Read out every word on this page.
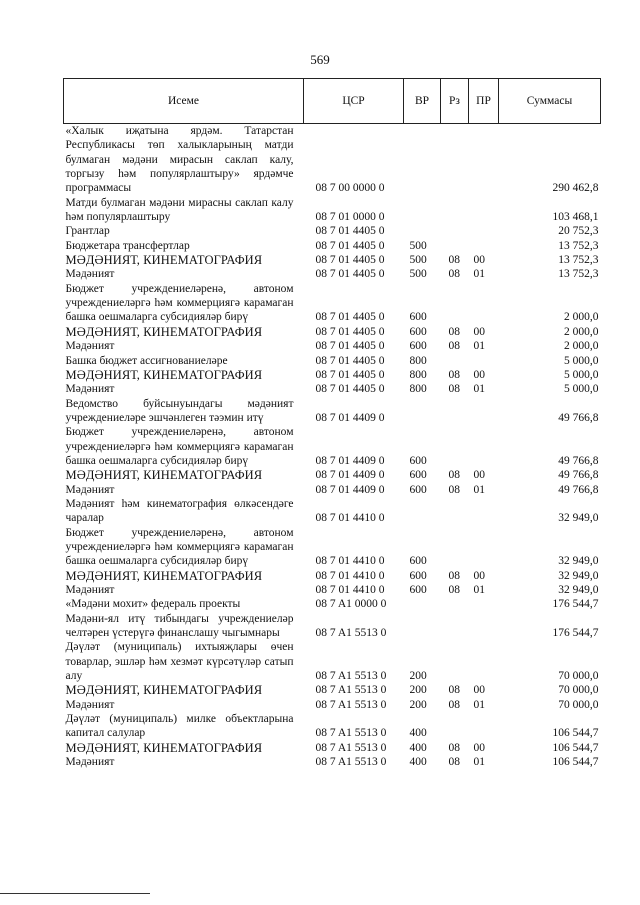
569
Исеме	ЦСР	ВР	Рз	ПР	Суммасы
«Халык иҗатына ярдәм. Татарстан Республикасы төп халыкларының матди булмаган мәдәни мирасын саклап калу, торгызу һәм популярлаштыру» ярдәмче программасы	08 7 00 0000 0				290 462,8
Матди булмаган мәдәни мирасны саклап калу һәм популярлаштыру	08 7 01 0000 0				103 468,1
Грантлар	08 7 01 4405 0				20 752,3
Бюджетара трансфертлар	08 7 01 4405 0	500			13 752,3
МӘДӘНИЯТ, КИНЕМАТОГРАФИЯ	08 7 01 4405 0	500	08	00	13 752,3
Мәдәният	08 7 01 4405 0	500	08	01	13 752,3
Бюджет учреждениеләренә, автоном учреждениеләргә һәм коммерциягә карамаган башка оешмаларга субсидияләр бирү	08 7 01 4405 0	600			2 000,0
МӘДӘНИЯТ, КИНЕМАТОГРАФИЯ	08 7 01 4405 0	600	08	00	2 000,0
Мәдәният	08 7 01 4405 0	600	08	01	2 000,0
Башка бюджет ассигнованиеләре	08 7 01 4405 0	800			5 000,0
МӘДӘНИЯТ, КИНЕМАТОГРАФИЯ	08 7 01 4405 0	800	08	00	5 000,0
Мәдәният	08 7 01 4405 0	800	08	01	5 000,0
Ведомство буйсынуындагы мәдәният учреждениеләре эшчәнлеген тәэмин итү	08 7 01 4409 0				49 766,8
Бюджет учреждениеләренә, автоном учреждениеләргә һәм коммерциягә карамаган башка оешмаларга субсидияләр бирү	08 7 01 4409 0	600			49 766,8
МӘДӘНИЯТ, КИНЕМАТОГРАФИЯ	08 7 01 4409 0	600	08	00	49 766,8
Мәдәният	08 7 01 4409 0	600	08	01	49 766,8
Мәдәният һәм кинематография өлкәсендәге чаралар	08 7 01 4410 0				32 949,0
Бюджет учреждениеләренә, автоном учреждениеләргә һәм коммерциягә карамаган башка оешмаларга субсидияләр бирү	08 7 01 4410 0	600			32 949,0
МӘДӘНИЯТ, КИНЕМАТОГРАФИЯ	08 7 01 4410 0	600	08	00	32 949,0
Мәдәният	08 7 01 4410 0	600	08	01	32 949,0
«Мәдәни мохит» федераль проекты	08 7 A1 0000 0				176 544,7
Мәдәни-ял итү тибындагы учреждениеләр челтәрен үстерүгә финанслашу чыгымнары	08 7 A1 5513 0				176 544,7
Дәүләт (муниципаль) ихтыяҗлары өчен товарлар, эшләр һәм хезмәт күрсәтүләр сатып алу	08 7 A1 5513 0	200			70 000,0
МӘДӘНИЯТ, КИНЕМАТОГРАФИЯ	08 7 A1 5513 0	200	08	00	70 000,0
Мәдәният	08 7 A1 5513 0	200	08	01	70 000,0
Дәүләт (муниципаль) милке объектларына капитал салулар	08 7 A1 5513 0	400			106 544,7
МӘДӘНИЯТ, КИНЕМАТОГРАФИЯ	08 7 A1 5513 0	400	08	00	106 544,7
Мәдәният	08 7 A1 5513 0	400	08	01	106 544,7
